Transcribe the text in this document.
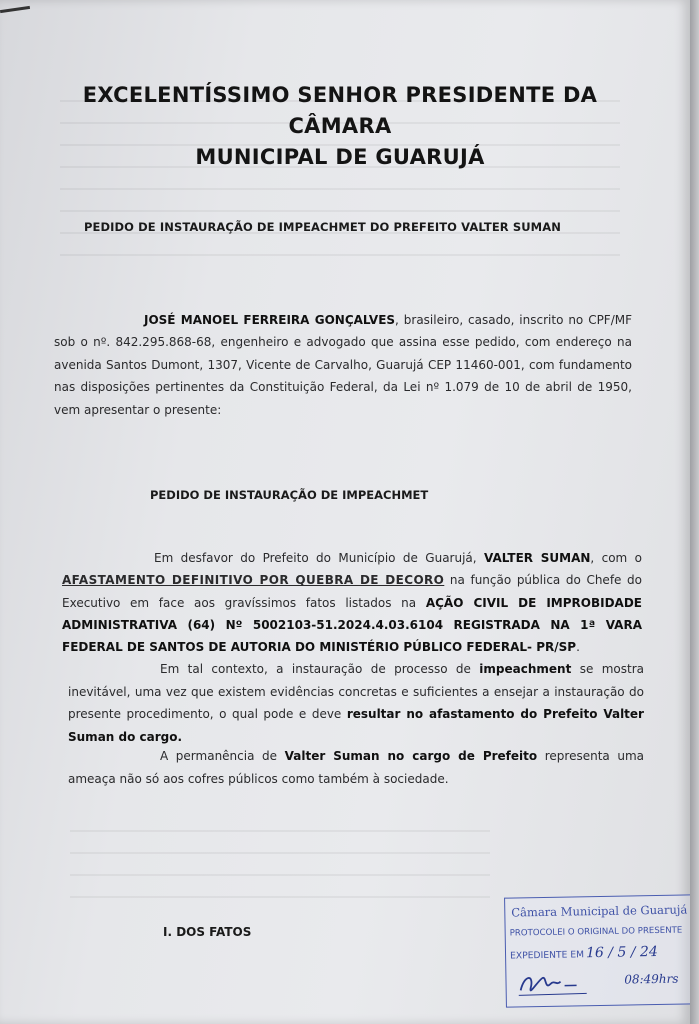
EXCELENTÍSSIMO SENHOR PRESIDENTE DA CÂMARA
MUNICIPAL DE GUARUJÁ
PEDIDO DE INSTAURAÇÃO DE IMPEACHMET DO PREFEITO VALTER SUMAN
JOSÉ MANOEL FERREIRA GONÇALVES, brasileiro, casado, inscrito no CPF/MF sob o nº. 842.295.868-68, engenheiro e advogado que assina esse pedido, com endereço na avenida Santos Dumont, 1307, Vicente de Carvalho, Guarujá CEP 11460-001, com fundamento nas disposições pertinentes da Constituição Federal, da Lei nº 1.079 de 10 de abril de 1950, vem apresentar o presente:
PEDIDO DE INSTAURAÇÃO DE IMPEACHMET
Em desfavor do Prefeito do Município de Guarujá, VALTER SUMAN, com o AFASTAMENTO DEFINITIVO POR QUEBRA DE DECORO na função pública do Chefe do Executivo em face aos gravíssimos fatos listados na AÇÃO CIVIL DE IMPROBIDADE ADMINISTRATIVA (64) Nº 5002103-51.2024.4.03.6104 REGISTRADA NA 1ª VARA FEDERAL DE SANTOS DE AUTORIA DO MINISTÉRIO PÚBLICO FEDERAL- PR/SP.
Em tal contexto, a instauração de processo de impeachment se mostra inevitável, uma vez que existem evidências concretas e suficientes a ensejar a instauração do presente procedimento, o qual pode e deve resultar no afastamento do Prefeito Valter Suman do cargo.
A permanência de Valter Suman no cargo de Prefeito representa uma ameaça não só aos cofres públicos como também à sociedade.
I. DOS FATOS
Câmara Municipal de Guarujá
PROTOCOLEI O ORIGINAL DO PRESENTE
EXPEDIENTE EM 16 / 5 / 24
08:49hrs
